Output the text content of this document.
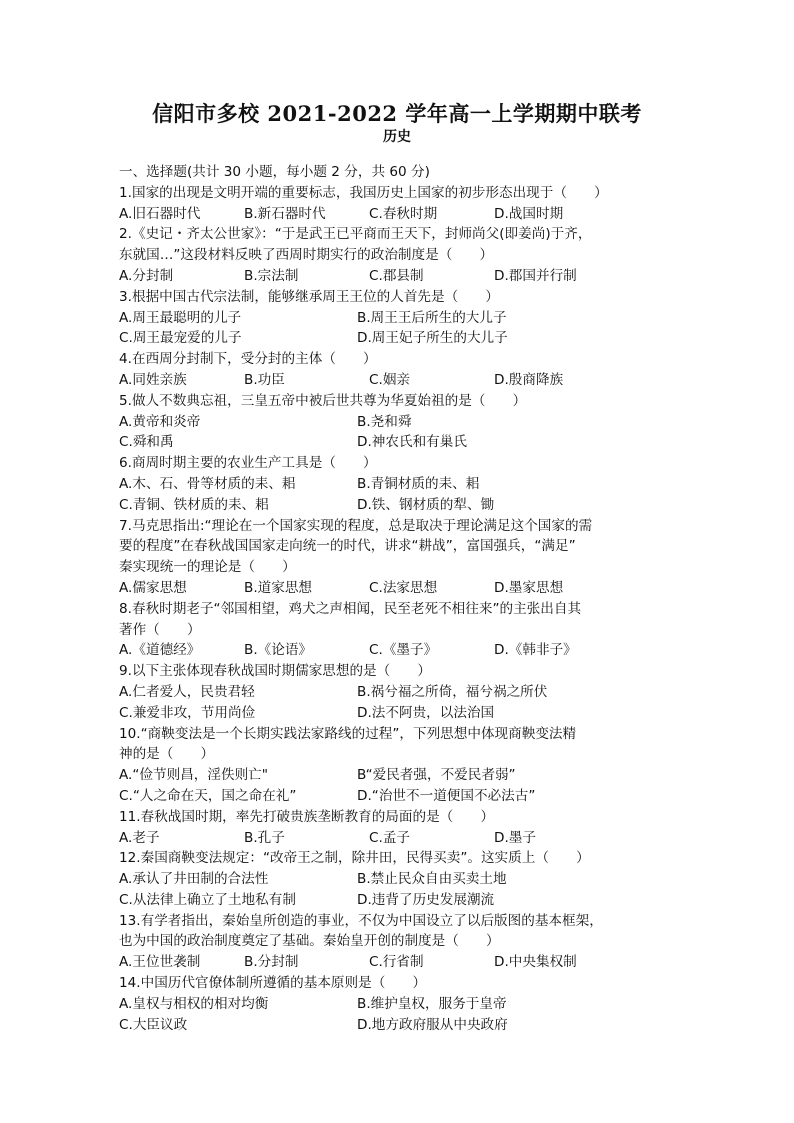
信阳市多校 2021-2022 学年高一上学期期中联考
历史
一、选择题(共计 30 小题，每小题 2 分，共 60 分)
1.国家的出现是文明开端的重要标志，我国历史上国家的初步形态出现于（　　）
A.旧石器时代	B.新石器时代	C.春秋时期	D.战国时期
2.《史记・齐太公世家》：“于是武王已平商而王天下，封师尚父(即姜尚)于齐，
东就国…”这段材料反映了西周时期实行的政治制度是（　　）
A.分封制	B.宗法制	C.郡县制	D.郡国并行制
3.根据中国古代宗法制，能够继承周王王位的人首先是（　　）
A.周王最聪明的儿子	B.周王王后所生的大儿子
C.周王最宠爱的儿子	D.周王妃子所生的大儿子
4.在西周分封制下，受分封的主体（　　）
A.同姓亲族	B.功臣	C.姻亲	D.殷商降族
5.做人不数典忘祖，三皇五帝中被后世共尊为华夏始祖的是（　　）
A.黄帝和炎帝	B.尧和舜
C.舜和禹	D.神农氏和有巢氏
6.商周时期主要的农业生产工具是（　　）
A.木、石、骨等材质的耒、耜	B.青铜材质的耒、耜
C.青铜、铁材质的耒、耜	D.铁、钢材质的犁、锄
7.马克思指出:“理论在一个国家实现的程度，总是取决于理论满足这个国家的需
要的程度”在春秋战国国家走向统一的时代，讲求“耕战”，富国强兵，“满足”
秦实现统一的理论是（　　）
A.儒家思想	B.道家思想	C.法家思想	D.墨家思想
8.春秋时期老子“邻国相望，鸡犬之声相闻，民至老死不相往来”的主张出自其
著作（　　）
A.《道德经》	B.《论语》	C.《墨子》	D.《韩非子》
9.以下主张体现春秋战国时期儒家思想的是（　　）
A.仁者爱人，民贵君轻	B.祸兮福之所倚，福兮祸之所伏
C.兼爱非攻，节用尚俭	D.法不阿贵，以法治国
10.“商鞅变法是一个长期实践法家路线的过程”，下列思想中体现商鞅变法精
神的是（　　）
A.“俭节则昌，淫佚则亡"	B“爱民者强，不爱民者弱”
C.“人之命在天，国之命在礼”	D.“治世不一道便国不必法古”
11.春秋战国时期，率先打破贵族垄断教育的局面的是（　　）
A.老子	B.孔子	C.孟子	D.墨子
12.秦国商鞅变法规定：“改帝王之制，除井田，民得买卖”。这实质上（　　）
A.承认了井田制的合法性	B.禁止民众自由买卖土地
C.从法律上确立了土地私有制	D.违背了历史发展潮流
13.有学者指出，秦始皇所创造的事业，不仅为中国设立了以后版图的基本框架，
也为中国的政治制度奠定了基础。秦始皇开创的制度是（　　）
A.王位世袭制	B.分封制	C.行省制	D.中央集权制
14.中国历代官僚体制所遵循的基本原则是（　　）
A.皇权与相权的相对均衡	B.维护皇权，服务于皇帝
C.大臣议政	D.地方政府服从中央政府
